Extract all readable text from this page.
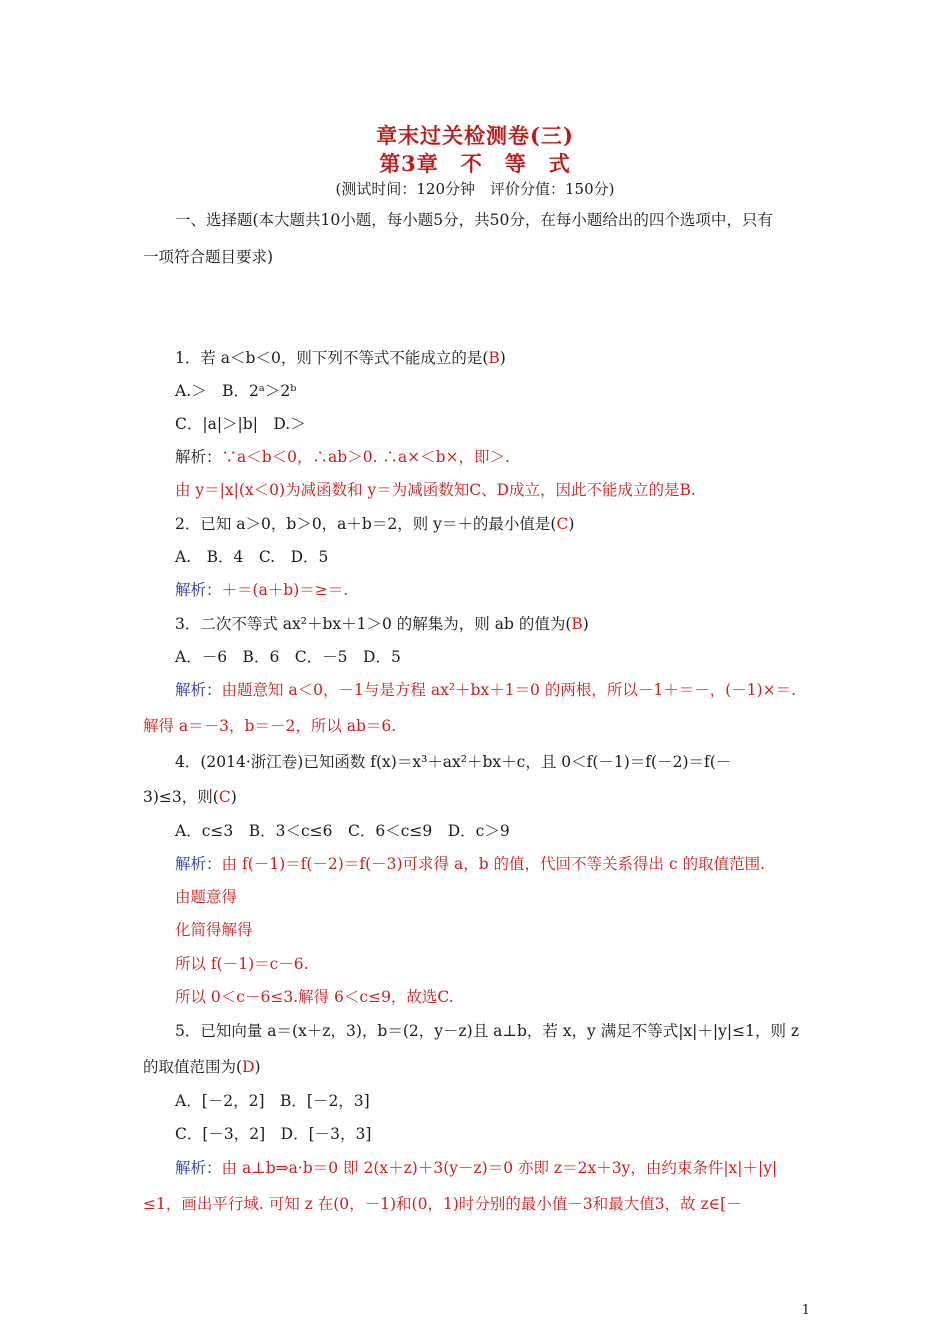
章末过关检测卷(三)
第3章　不　等　式
(测试时间：120分钟　评价分值：150分)
一、选择题(本大题共10小题，每小题5分，共50分，在每小题给出的四个选项中，只有
一项符合题目要求)
1．若 a＜b＜0，则下列不等式不能成立的是(B)
A.＞　B．2ᵃ＞2ᵇ
C．|a|＞|b|　D.＞
解析：∵a＜b＜0，∴ab＞0. ∴a×＜b×，即＞.
由 y＝|x|(x＜0)为减函数和 y＝为减函数知C、D成立，因此不能成立的是B.
2．已知 a＞0，b＞0，a＋b＝2，则 y＝＋的最小值是(C)
A.　B．4　C.　D．5
解析：＋＝(a＋b)＝≥＝.
3．二次不等式 ax²＋bx＋1＞0 的解集为，则 ab 的值为(B)
A．－6　B．6　C．－5　D．5
解析：由题意知 a＜0，－1与是方程 ax²＋bx＋1＝0 的两根，所以－1＋＝－，(－1)×＝.
解得 a＝－3，b＝－2，所以 ab＝6.
4．(2014·浙江卷)已知函数 f(x)＝x³＋ax²＋bx＋c，且 0＜f(－1)＝f(－2)＝f(－
3)≤3，则(C)
A．c≤3　B．3＜c≤6　C．6＜c≤9　D．c＞9
解析：由 f(－1)＝f(－2)＝f(－3)可求得 a，b 的值，代回不等关系得出 c 的取值范围.
由题意得
化简得解得
所以 f(－1)＝c－6.
所以 0＜c－6≤3.解得 6＜c≤9，故选C.
5．已知向量 a＝(x＋z，3)，b＝(2，y－z)且 a⊥b，若 x，y 满足不等式|x|＋|y|≤1，则 z
的取值范围为(D)
A．[－2，2]　B．[－2，3]
C．[－3，2]　D．[－3，3]
解析：由 a⊥b⇒a·b＝0 即 2(x＋z)＋3(y－z)＝0 亦即 z＝2x＋3y，由约束条件|x|＋|y|
≤1，画出平行域. 可知 z 在(0，－1)和(0，1)时分别的最小值－3和最大值3，故 z∈[－
1
